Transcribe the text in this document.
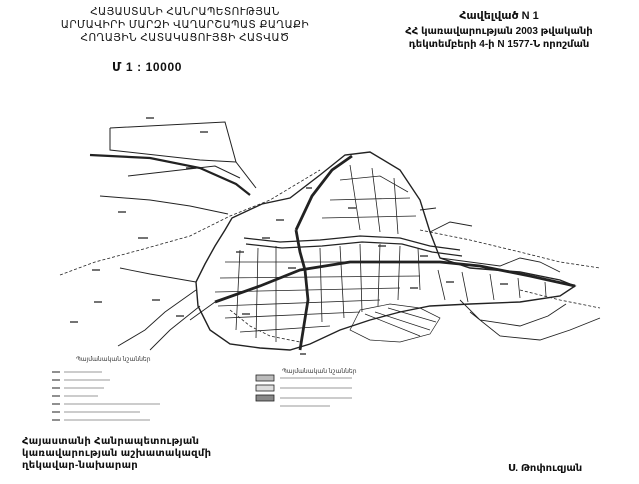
ՀԱՅԱՍՏԱՆԻ ՀԱՆՐԱՊԵՏՈՒԹՅԱՆ
ԱՐՄԱՎԻՐԻ ՄԱՐԶԻ ՎԱՂԱՐՇԱՊԱՏ ՔԱՂԱՔԻ
ՀՈՂԱՅԻՆ ՀԱՏԱԿԱՑՈՒՅՑԻ ՀԱՏՎԱԾ
Մ 1 : 10000
Հավելված N 1
ՀՀ կառավարության 2003 թվականի
դեկտեմբերի 4-ի N 1577-Ն որոշման
Պայմանական նշաններ
Պայմանական նշաններ
Հայաստանի Հանրապետության
կառավարության աշխատակազմի
ղեկավար-նախարար	Ս. Թոփուզյան
